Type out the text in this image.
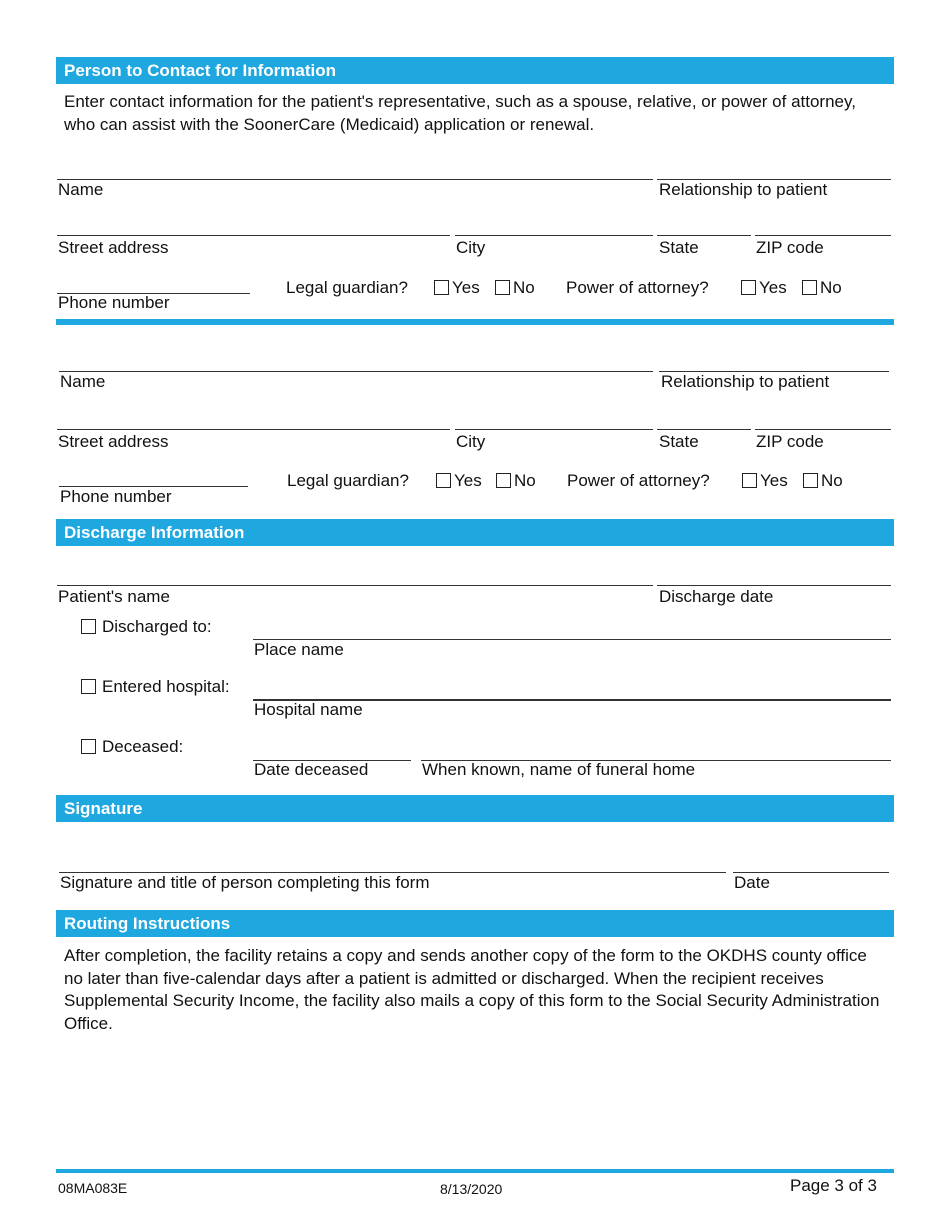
Person to Contact for Information
Enter contact information for the patient's representative, such as a spouse, relative, or power of attorney, who can assist with the SoonerCare (Medicaid) application or renewal.
Name	Relationship to patient
Street address	City	State	ZIP code
Phone number
Legal guardian?	Yes	No Power of attorney?	Yes	No
Name	Relationship to patient
Street address	City	State	ZIP code
Phone number
Legal guardian?	Yes	No Power of attorney?	Yes	No
Discharge Information
Patient's name	Discharge date
Discharged to:
Place name
Entered hospital:
Hospital name
Deceased:
Date deceased	When known, name of funeral home
Signature
Signature and title of person completing this form	Date
Routing Instructions
After completion, the facility retains a copy and sends another copy of the form to the OKDHS county office no later than five-calendar days after a patient is admitted or discharged. When the recipient receives Supplemental Security Income, the facility also mails a copy of this form to the Social Security Administration Office.
08MA083E	8/13/2020	Page 3 of 3
